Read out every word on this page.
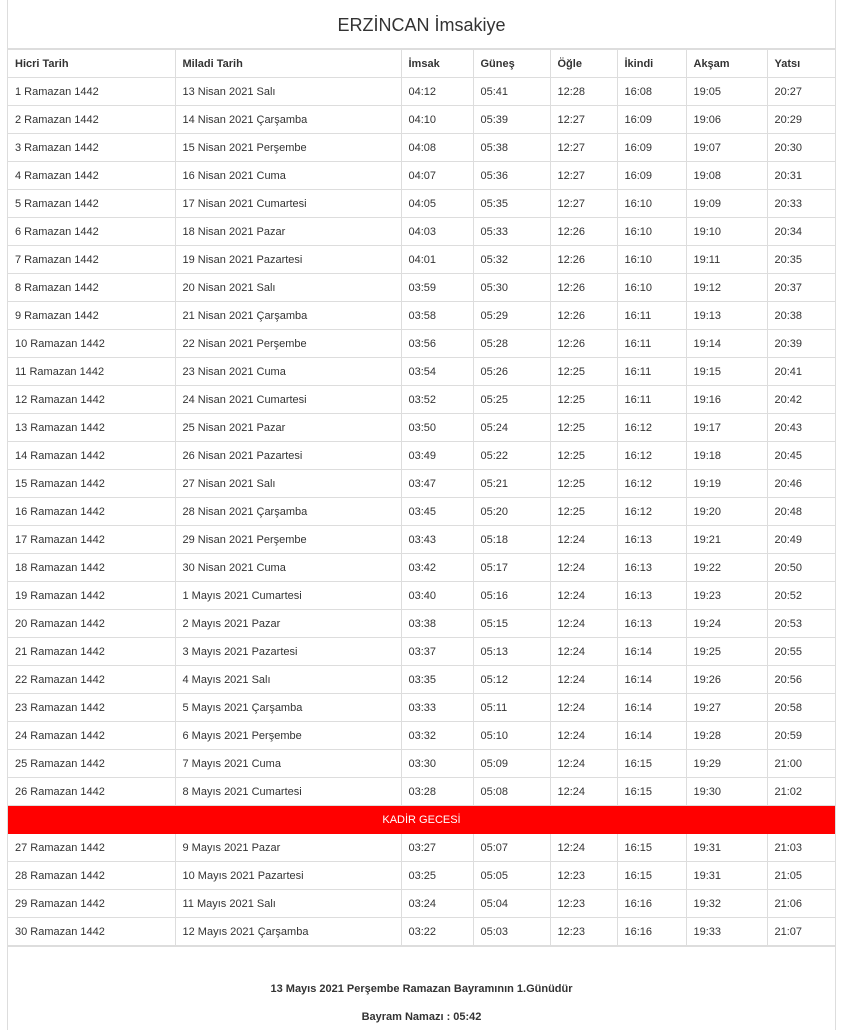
ERZİNCAN İmsakiye
Hicri Tarih	Miladi Tarih	İmsak	Güneş	Öğle	İkindi	Akşam	Yatsı
1 Ramazan 1442	13 Nisan 2021 Salı	04:12	05:41	12:28	16:08	19:05	20:27
2 Ramazan 1442	14 Nisan 2021 Çarşamba	04:10	05:39	12:27	16:09	19:06	20:29
3 Ramazan 1442	15 Nisan 2021 Perşembe	04:08	05:38	12:27	16:09	19:07	20:30
4 Ramazan 1442	16 Nisan 2021 Cuma	04:07	05:36	12:27	16:09	19:08	20:31
5 Ramazan 1442	17 Nisan 2021 Cumartesi	04:05	05:35	12:27	16:10	19:09	20:33
6 Ramazan 1442	18 Nisan 2021 Pazar	04:03	05:33	12:26	16:10	19:10	20:34
7 Ramazan 1442	19 Nisan 2021 Pazartesi	04:01	05:32	12:26	16:10	19:11	20:35
8 Ramazan 1442	20 Nisan 2021 Salı	03:59	05:30	12:26	16:10	19:12	20:37
9 Ramazan 1442	21 Nisan 2021 Çarşamba	03:58	05:29	12:26	16:11	19:13	20:38
10 Ramazan 1442	22 Nisan 2021 Perşembe	03:56	05:28	12:26	16:11	19:14	20:39
11 Ramazan 1442	23 Nisan 2021 Cuma	03:54	05:26	12:25	16:11	19:15	20:41
12 Ramazan 1442	24 Nisan 2021 Cumartesi	03:52	05:25	12:25	16:11	19:16	20:42
13 Ramazan 1442	25 Nisan 2021 Pazar	03:50	05:24	12:25	16:12	19:17	20:43
14 Ramazan 1442	26 Nisan 2021 Pazartesi	03:49	05:22	12:25	16:12	19:18	20:45
15 Ramazan 1442	27 Nisan 2021 Salı	03:47	05:21	12:25	16:12	19:19	20:46
16 Ramazan 1442	28 Nisan 2021 Çarşamba	03:45	05:20	12:25	16:12	19:20	20:48
17 Ramazan 1442	29 Nisan 2021 Perşembe	03:43	05:18	12:24	16:13	19:21	20:49
18 Ramazan 1442	30 Nisan 2021 Cuma	03:42	05:17	12:24	16:13	19:22	20:50
19 Ramazan 1442	1 Mayıs 2021 Cumartesi	03:40	05:16	12:24	16:13	19:23	20:52
20 Ramazan 1442	2 Mayıs 2021 Pazar	03:38	05:15	12:24	16:13	19:24	20:53
21 Ramazan 1442	3 Mayıs 2021 Pazartesi	03:37	05:13	12:24	16:14	19:25	20:55
22 Ramazan 1442	4 Mayıs 2021 Salı	03:35	05:12	12:24	16:14	19:26	20:56
23 Ramazan 1442	5 Mayıs 2021 Çarşamba	03:33	05:11	12:24	16:14	19:27	20:58
24 Ramazan 1442	6 Mayıs 2021 Perşembe	03:32	05:10	12:24	16:14	19:28	20:59
25 Ramazan 1442	7 Mayıs 2021 Cuma	03:30	05:09	12:24	16:15	19:29	21:00
26 Ramazan 1442	8 Mayıs 2021 Cumartesi	03:28	05:08	12:24	16:15	19:30	21:02
KADİR GECESİ							
27 Ramazan 1442	9 Mayıs 2021 Pazar	03:27	05:07	12:24	16:15	19:31	21:03
28 Ramazan 1442	10 Mayıs 2021 Pazartesi	03:25	05:05	12:23	16:15	19:31	21:05
29 Ramazan 1442	11 Mayıs 2021 Salı	03:24	05:04	12:23	16:16	19:32	21:06
30 Ramazan 1442	12 Mayıs 2021 Çarşamba	03:22	05:03	12:23	16:16	19:33	21:07
13 Mayıs 2021 Perşembe Ramazan Bayramının 1.Günüdür
Bayram Namazı : 05:42
